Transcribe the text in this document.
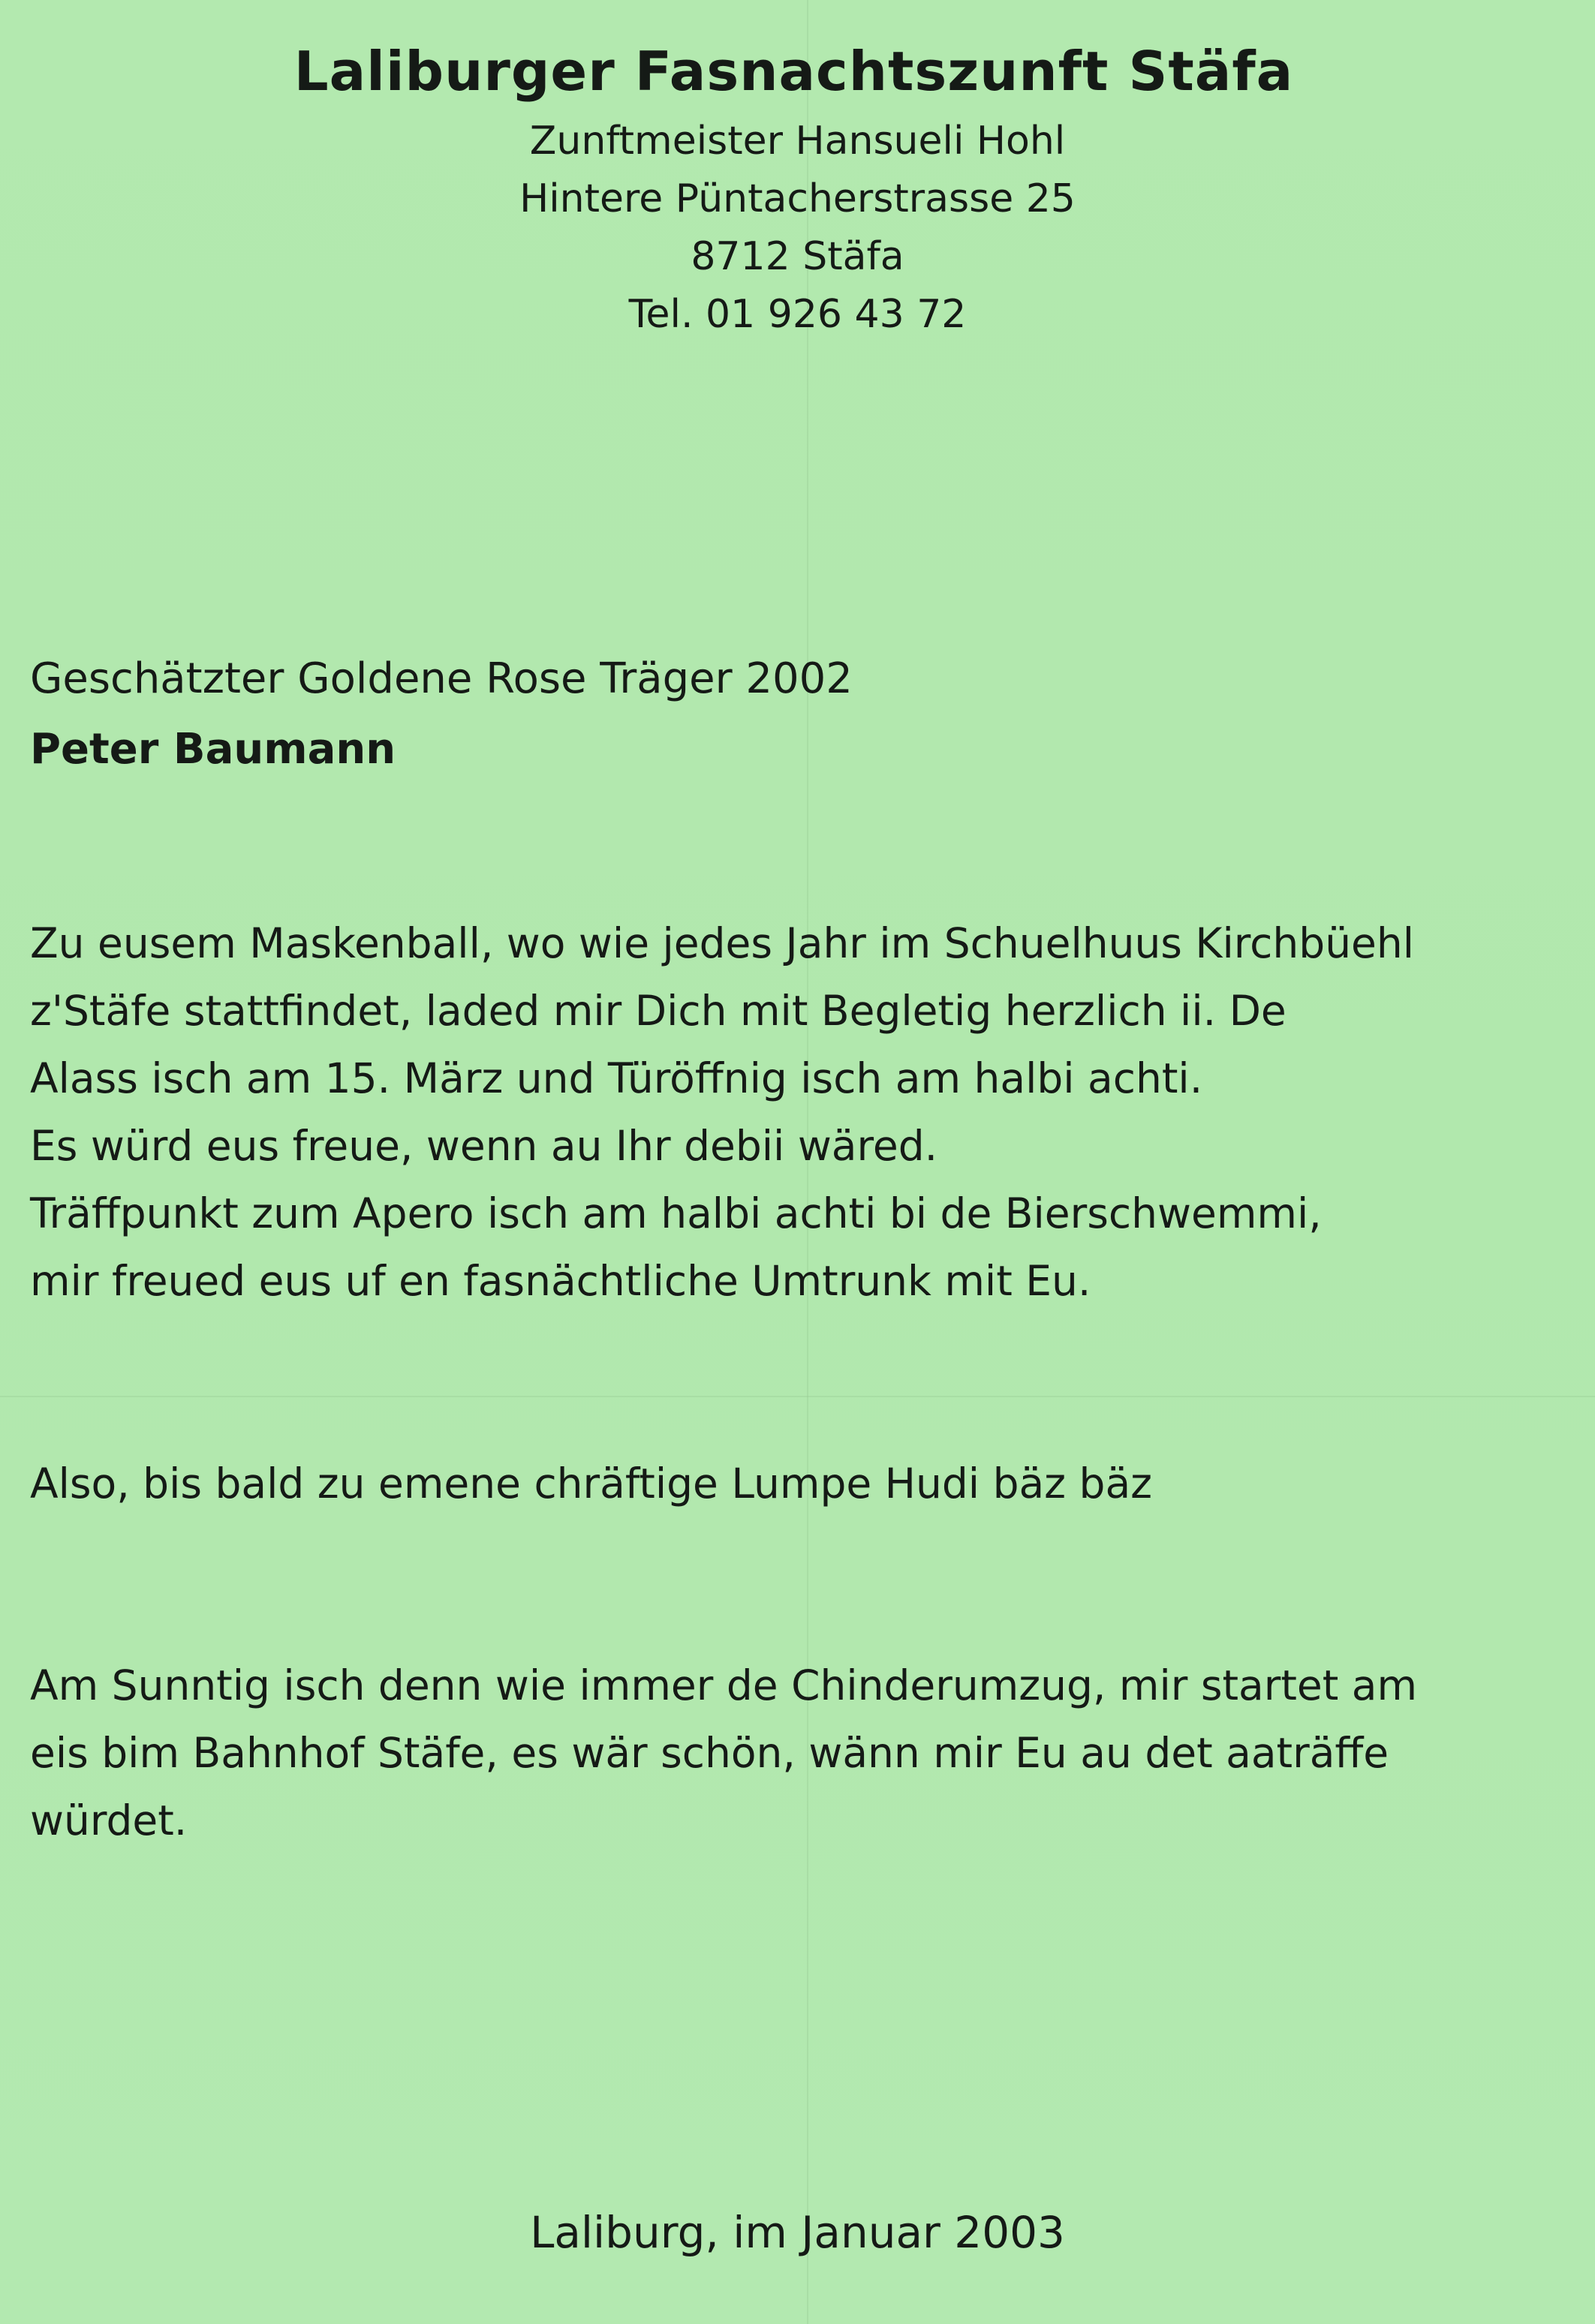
Laliburger Fasnachtszunft Stäfa

Zunftmeister Hansueli Hohl

Hintere Püntacherstrasse 25

8712 Stäfa

Tel. 01 926 43 72

Geschätzter Goldene Rose Träger 2002
Peter Baumann
Zu eusem Maskenball, wo wie jedes Jahr im Schuelhuus Kirchbüehl
z'Stäfe stattfindet, laded mir Dich mit Begletig herzlich ii. De
Alass isch am 15. März und Türöffnig isch am halbi achti.
Es würd eus freue, wenn au Ihr debii wäred.
Träffpunkt zum Apero isch am halbi achti bi de Bierschwemmi,
mir freued eus uf en fasnächtliche Umtrunk mit Eu.
Also, bis bald zu emene chräftige Lumpe Hudi bäz bäz
Am Sunntig isch denn wie immer de Chinderumzug, mir startet am
eis bim Bahnhof Stäfe, es wär schön, wänn mir Eu au det aaträffe
würdet.
Laliburg, im Januar 2003
